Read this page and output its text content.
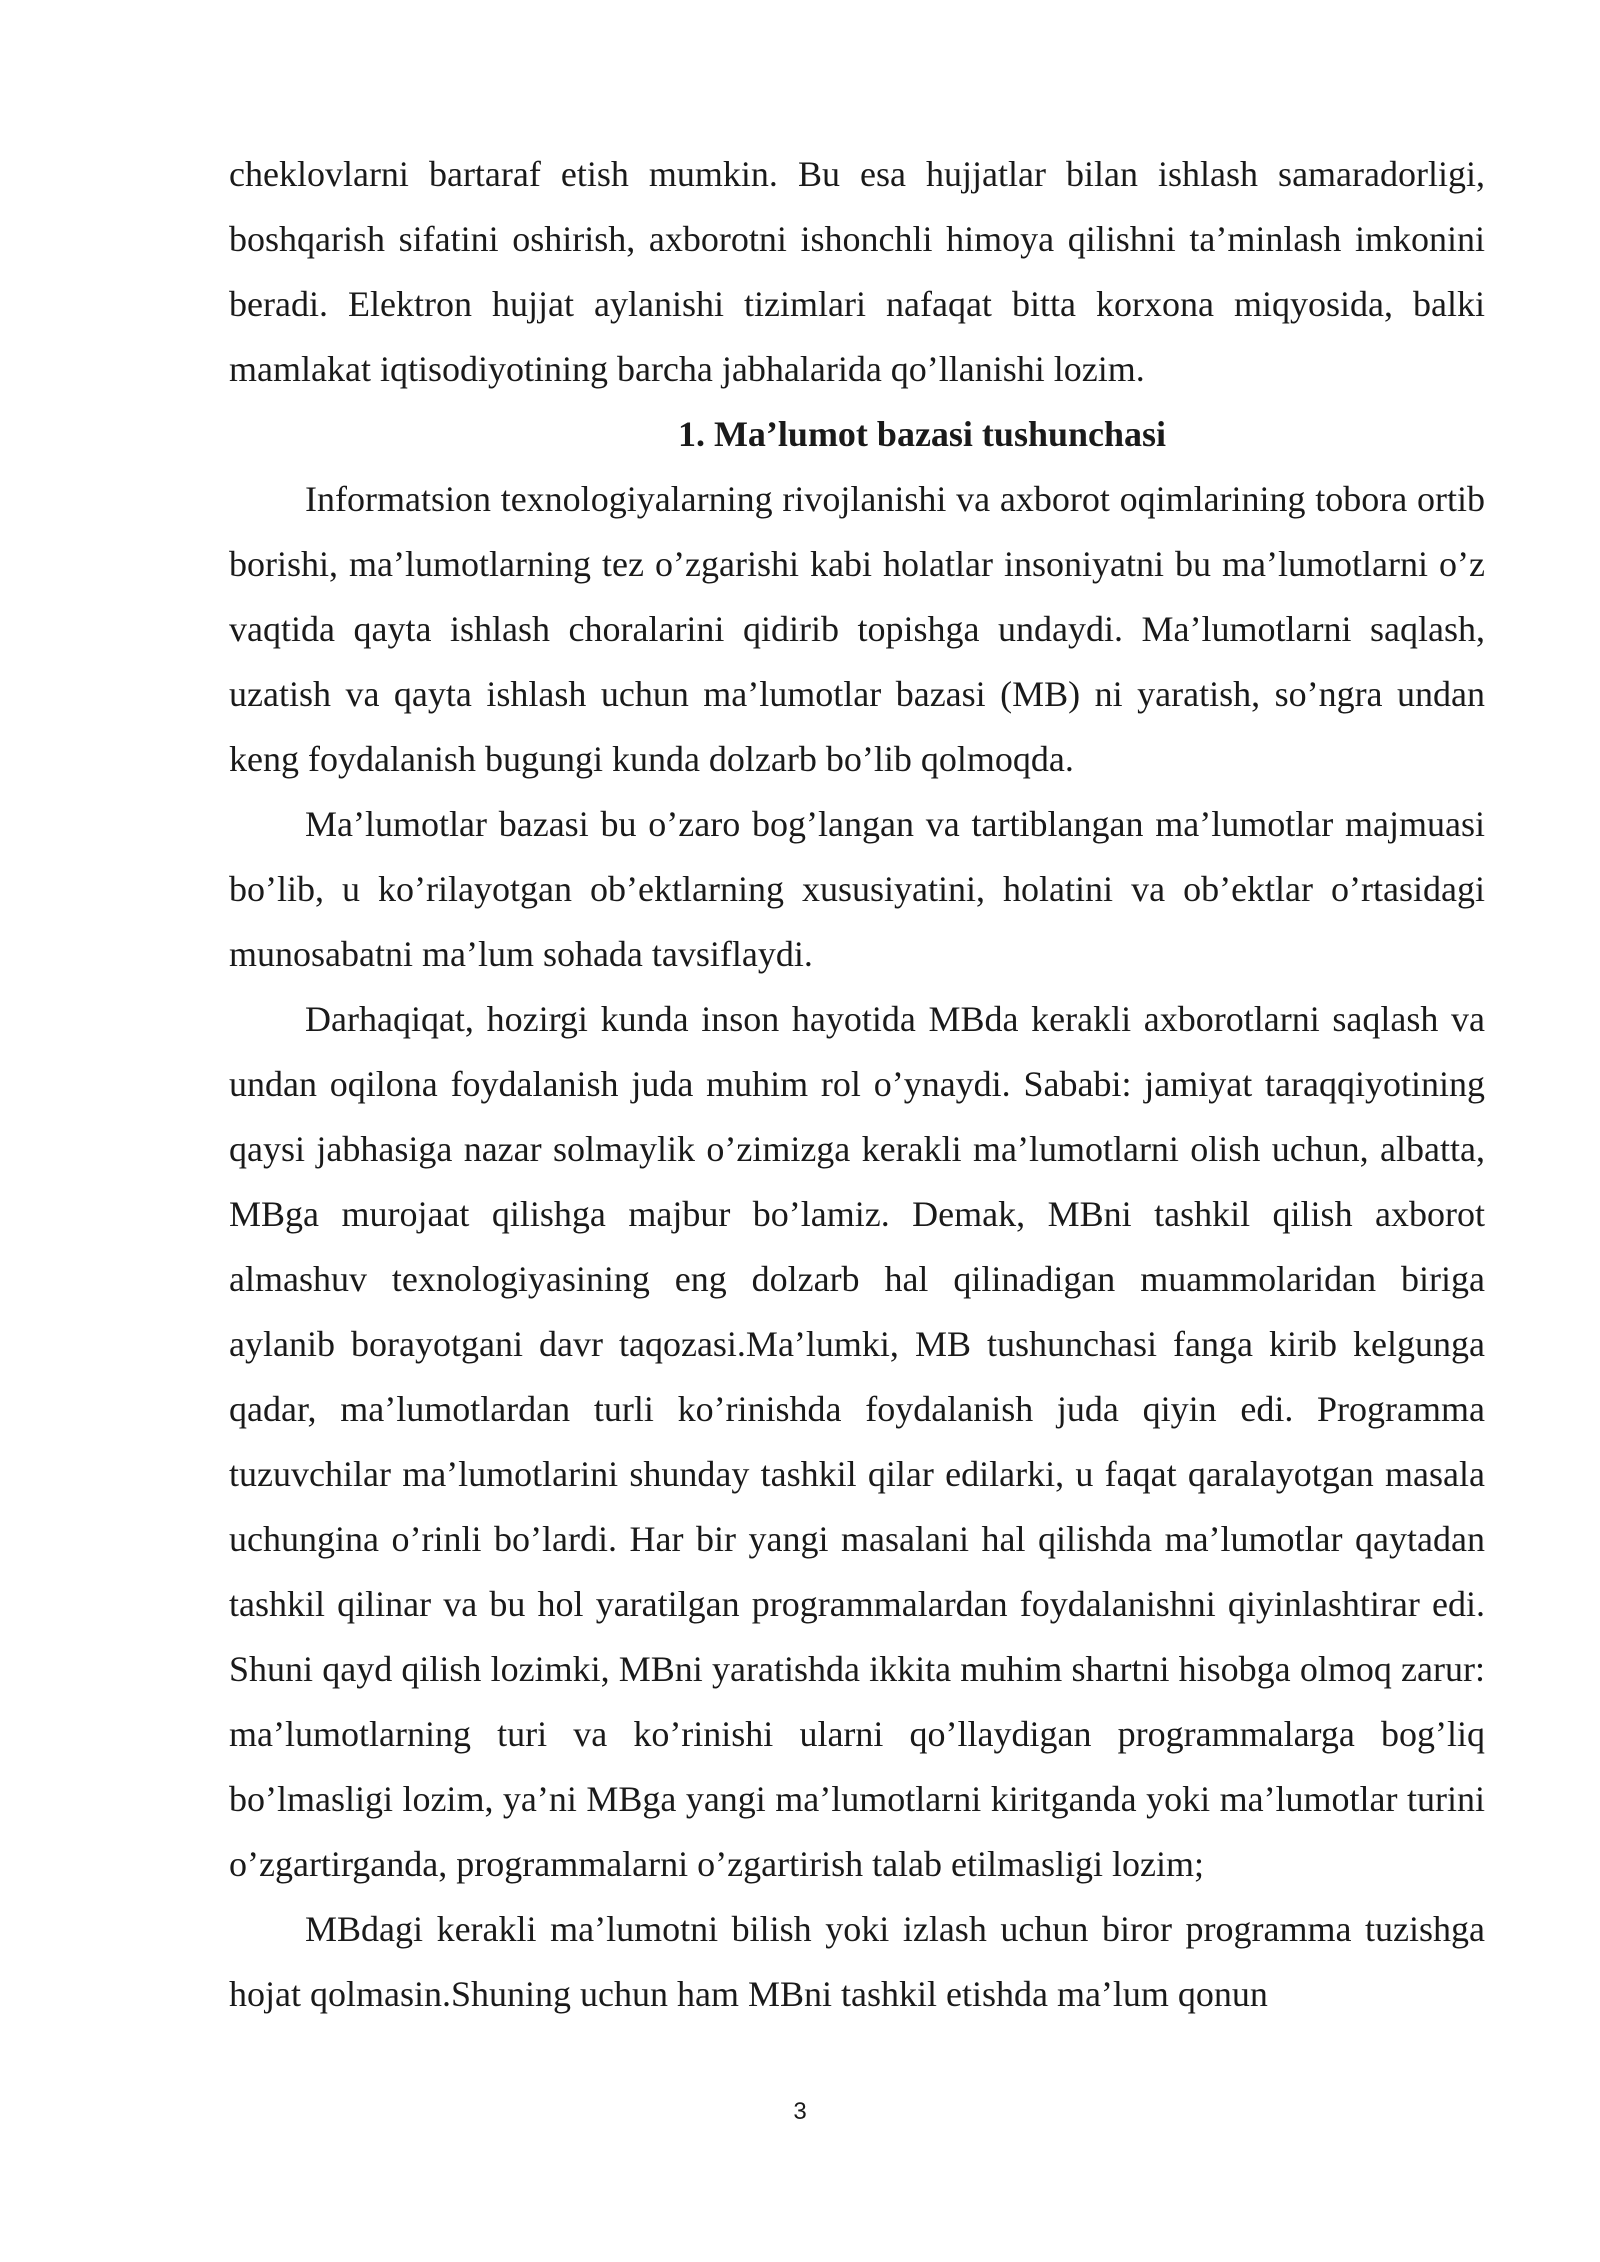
cheklovlarni bartaraf etish mumkin. Bu esa hujjatlar bilan ishlash samaradorligi, boshqarish sifatini oshirish, axborotni ishonchli himoya qilishni ta’minlash imkonini beradi. Elektron hujjat aylanishi tizimlari nafaqat bitta korxona miqyosida, balki mamlakat iqtisodiyotining barcha jabhalarida qo’llanishi lozim.

1. Ma’lumot bazasi tushunchasi

Informatsion texnologiyalarning rivojlanishi va axborot oqimlarining tobora ortib borishi, ma’lumotlarning tez o’zgarishi kabi holatlar insoniyatni bu ma’lumotlarni o’z vaqtida qayta ishlash choralarini qidirib topishga undaydi. Ma’lumotlarni saqlash, uzatish va qayta ishlash uchun ma’lumotlar bazasi (MB) ni yaratish, so’ngra undan keng foydalanish bugungi kunda dolzarb bo’lib qolmoqda.

Ma’lumotlar bazasi bu o’zaro bog’langan va tartiblangan ma’lumotlar majmuasi bo’lib, u ko’rilayotgan ob’ektlarning xususiyatini, holatini va ob’ektlar o’rtasidagi munosabatni ma’lum sohada tavsiflaydi.

Darhaqiqat, hozirgi kunda inson hayotida MBda kerakli axborotlarni saqlash va undan oqilona foydalanish juda muhim rol o’ynaydi. Sababi: jamiyat taraqqiyotining qaysi jabhasiga nazar solmaylik o’zimizga kerakli ma’lumotlarni olish uchun, albatta, MBga murojaat qilishga majbur bo’lamiz. Demak, MBni tashkil qilish axborot almashuv texnologiyasining eng dolzarb hal qilinadigan muammolaridan biriga aylanib borayotgani davr taqozasi.Ma’lumki, MB tushunchasi fanga kirib kelgunga qadar, ma’lumotlardan turli ko’rinishda foydalanish juda qiyin edi. Programma tuzuvchilar ma’lumotlarini shunday tashkil qilar edilarki, u faqat qaralayotgan masala uchungina o’rinli bo’lardi. Har bir yangi masalani hal qilishda ma’lumotlar qaytadan tashkil qilinar va bu hol yaratilgan programmalardan foydalanishni qiyinlashtirar edi. Shuni qayd qilish lozimki, MBni yaratishda ikkita muhim shartni hisobga olmoq zarur: ma’lumotlarning turi va ko’rinishi ularni qo’llaydigan programmalarga bog’liq bo’lmasligi lozim, ya’ni MBga yangi ma’lumotlarni kiritganda yoki ma’lumotlar turini o’zgartirganda, programmalarni o’zgartirish talab etilmasligi lozim;

MBdagi kerakli ma’lumotni bilish yoki izlash uchun biror programma tuzishga hojat qolmasin.Shuning uchun ham MBni tashkil etishda ma’lum qonun

3
